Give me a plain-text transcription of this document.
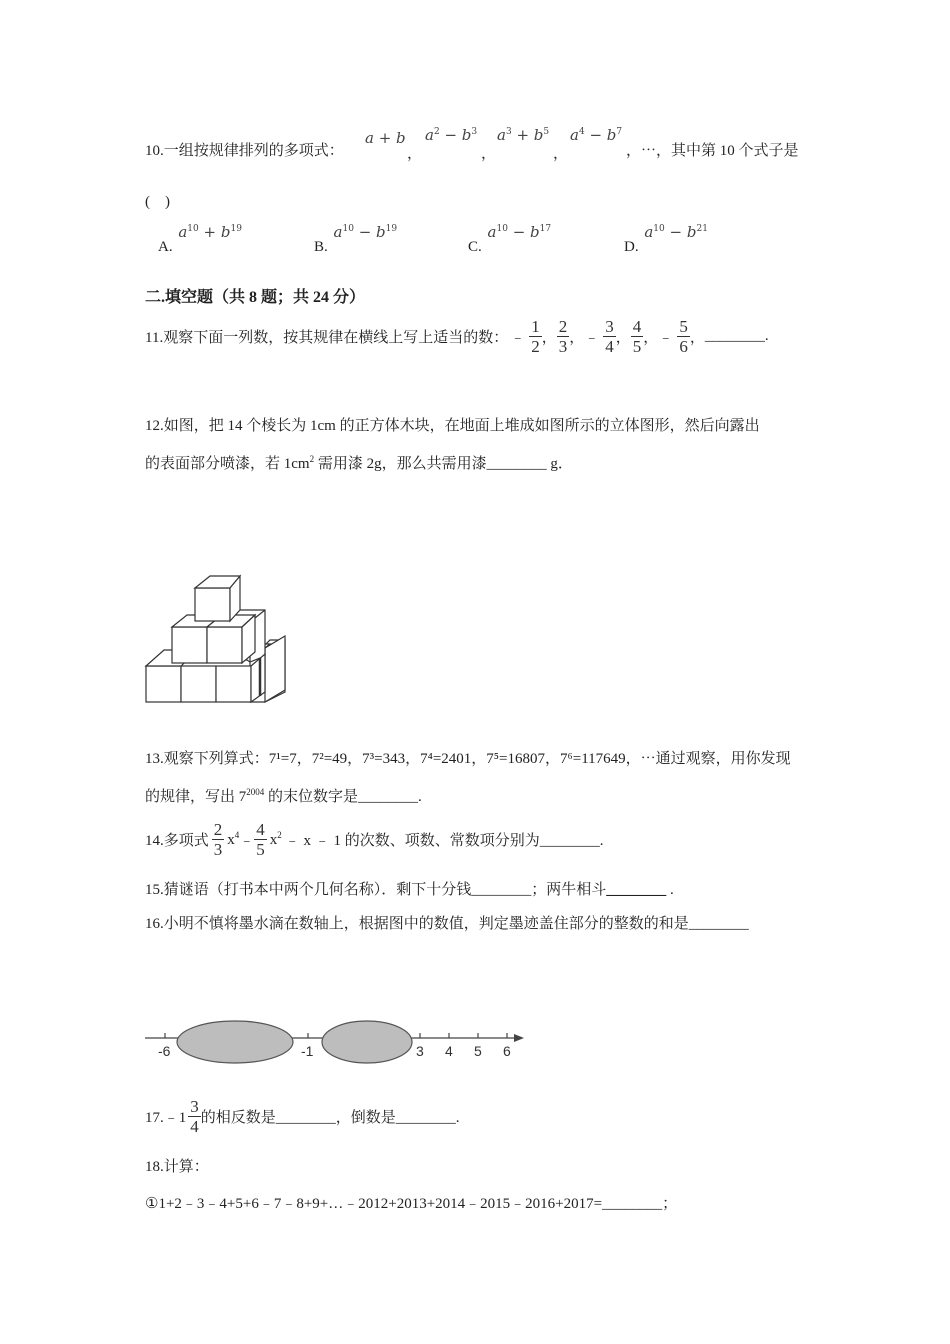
10.一组按规律排列的多项式：
a + b
，
$a^2 - b^3$
，
$a^3 + b^5$
，
$a^4 - b^7$
，⋯，其中第 10 个式子是
(　)
A. $a^{10} + b^{19}$
B. $a^{10} - b^{19}$
C. $a^{10} - b^{17}$
D. $a^{10} - b^{21}$
二.填空题（共 8 题；共 24 分）
11.观察下面一列数，按其规律在横线上写上适当的数： ﹣ $\frac{1}{2}$ ， $\frac{2}{3}$ ， ﹣ $\frac{3}{4}$ ， $\frac{4}{5}$ ， ﹣ $\frac{5}{6}$ ， ________.
12.如图，把 14 个棱长为 1cm 的正方体木块，在地面上堆成如图所示的立体图形，然后向露出
的表面部分喷漆，若 $1cm^2$ 需用漆 2g，那么共需用漆________ g．
13.观察下列算式：7¹=7，7²=49，7³=343，7⁴=2401，7⁵=16807，7⁶=117649，⋯通过观察，用你发现
的规律，写出 $7^{2004}$ 的末位数字是________.
14.多项式 $\frac{2}{3} x^4$ ﹣ $\frac{4}{5} x^2$ ﹣ x ﹣ 1 的次数、项数、常数项分别为________.
15.猜谜语（打书本中两个几何名称）．剩下十分钱________；两牛相斗________ .
16.小明不慎将墨水滴在数轴上，根据图中的数值，判定墨迹盖住部分的整数的和是________
-6	-1	3 4 5 6
17.﹣1 $\frac{3}{4}$ 的相反数是________，倒数是________.
18.计算：
①1+2﹣3﹣4+5+6﹣7﹣8+9+…﹣2012+2013+2014﹣2015﹣2016+2017=________；
